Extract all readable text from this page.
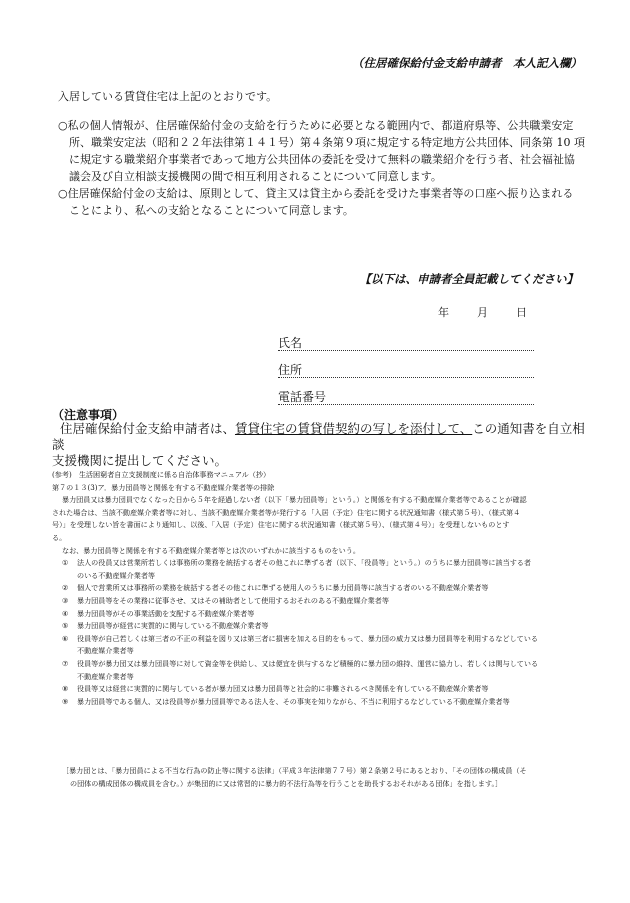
（住居確保給付金支給申請者　本人記入欄）
入居している賃貸住宅は上記のとおりです。

○私の個人情報が、住居確保給付金の支給を行うために必要となる範囲内で、都道府県等、公共職業安定
所、職業安定法（昭和２２年法律第１４１号）第４条第９項に規定する特定地方公共団体、同条第 10 項
に規定する職業紹介事業者であって地方公共団体の委託を受けて無料の職業紹介を行う者、社会福祉協
議会及び自立相談支援機関の間で相互利用されることについて同意します。

○住居確保給付金の支給は、原則として、貸主又は貸主から委託を受けた事業者等の口座へ振り込まれる
ことにより、私への支給となることについて同意します。

【以下は、申請者全員記載してください】
年	月	日
氏名
住所
電話番号
（注意事項）
住居確保給付金支給申請者は、賃貸住宅の賃貸借契約の写しを添付して、この通知書を自立相談
支援機関に提出してください。
(参考)　生活困窮者自立支援制度に係る自治体事務マニュアル（抄）
第７の１３(3)ア．暴力団員等と関係を有する不動産媒介業者等の排除
暴力団員又は暴力団員でなくなった日から５年を経過しない者（以下「暴力団員等」という。）と関係を有する不動産媒介業者等であることが確認
された場合は、当該不動産媒介業者等に対し、当該不動産媒介業者等が発行する「入居（予定）住宅に関する状況通知書（様式第５号）、（様式第４
号）」を受理しない旨を書面により通知し、以後、「入居（予定）住宅に関する状況通知書（様式第５号）、（様式第４号）」を受理しないものとす
る。
なお、暴力団員等と関係を有する不動産媒介業者等とは次のいずれかに該当するものをいう。
① 法人の役員又は営業所若しくは事務所の業務を統括する者その他これに準ずる者（以下、「役員等」という。）のうちに暴力団員等に該当する者
のいる不動産媒介業者等
② 個人で営業所又は事務所の業務を統括する者その他これに準ずる使用人のうちに暴力団員等に該当する者のいる不動産媒介業者等
③ 暴力団員等をその業務に従事させ、又はその補助者として使用するおそれのある不動産媒介業者等
④ 暴力団員等がその事業活動を支配する不動産媒介業者等
⑤ 暴力団員等が経営に実質的に関与している不動産媒介業者等
⑥ 役員等が自己若しくは第三者の不正の利益を図り又は第三者に損害を加える目的をもって、暴力団の威力又は暴力団員等を利用するなどしている
不動産媒介業者等
⑦ 役員等が暴力団又は暴力団員等に対して資金等を供給し、又は便宜を供与するなど積極的に暴力団の維持、運営に協力し、若しくは関与している
不動産媒介業者等
⑧ 役員等又は経営に実質的に関与している者が暴力団又は暴力団員等と社会的に非難されるべき関係を有している不動産媒介業者等
⑨ 暴力団員等である個人、又は役員等が暴力団員等である法人を、その事実を知りながら、不当に利用するなどしている不動産媒介業者等
［暴力団とは、「暴力団員による不当な行為の防止等に関する法律」（平成３年法律第７７号）第２条第２号にあるとおり、「その団体の構成員（そ
の団体の構成団体の構成員を含む。）が集団的に又は常習的に暴力的不法行為等を行うことを助長するおそれがある団体」を指します。］
